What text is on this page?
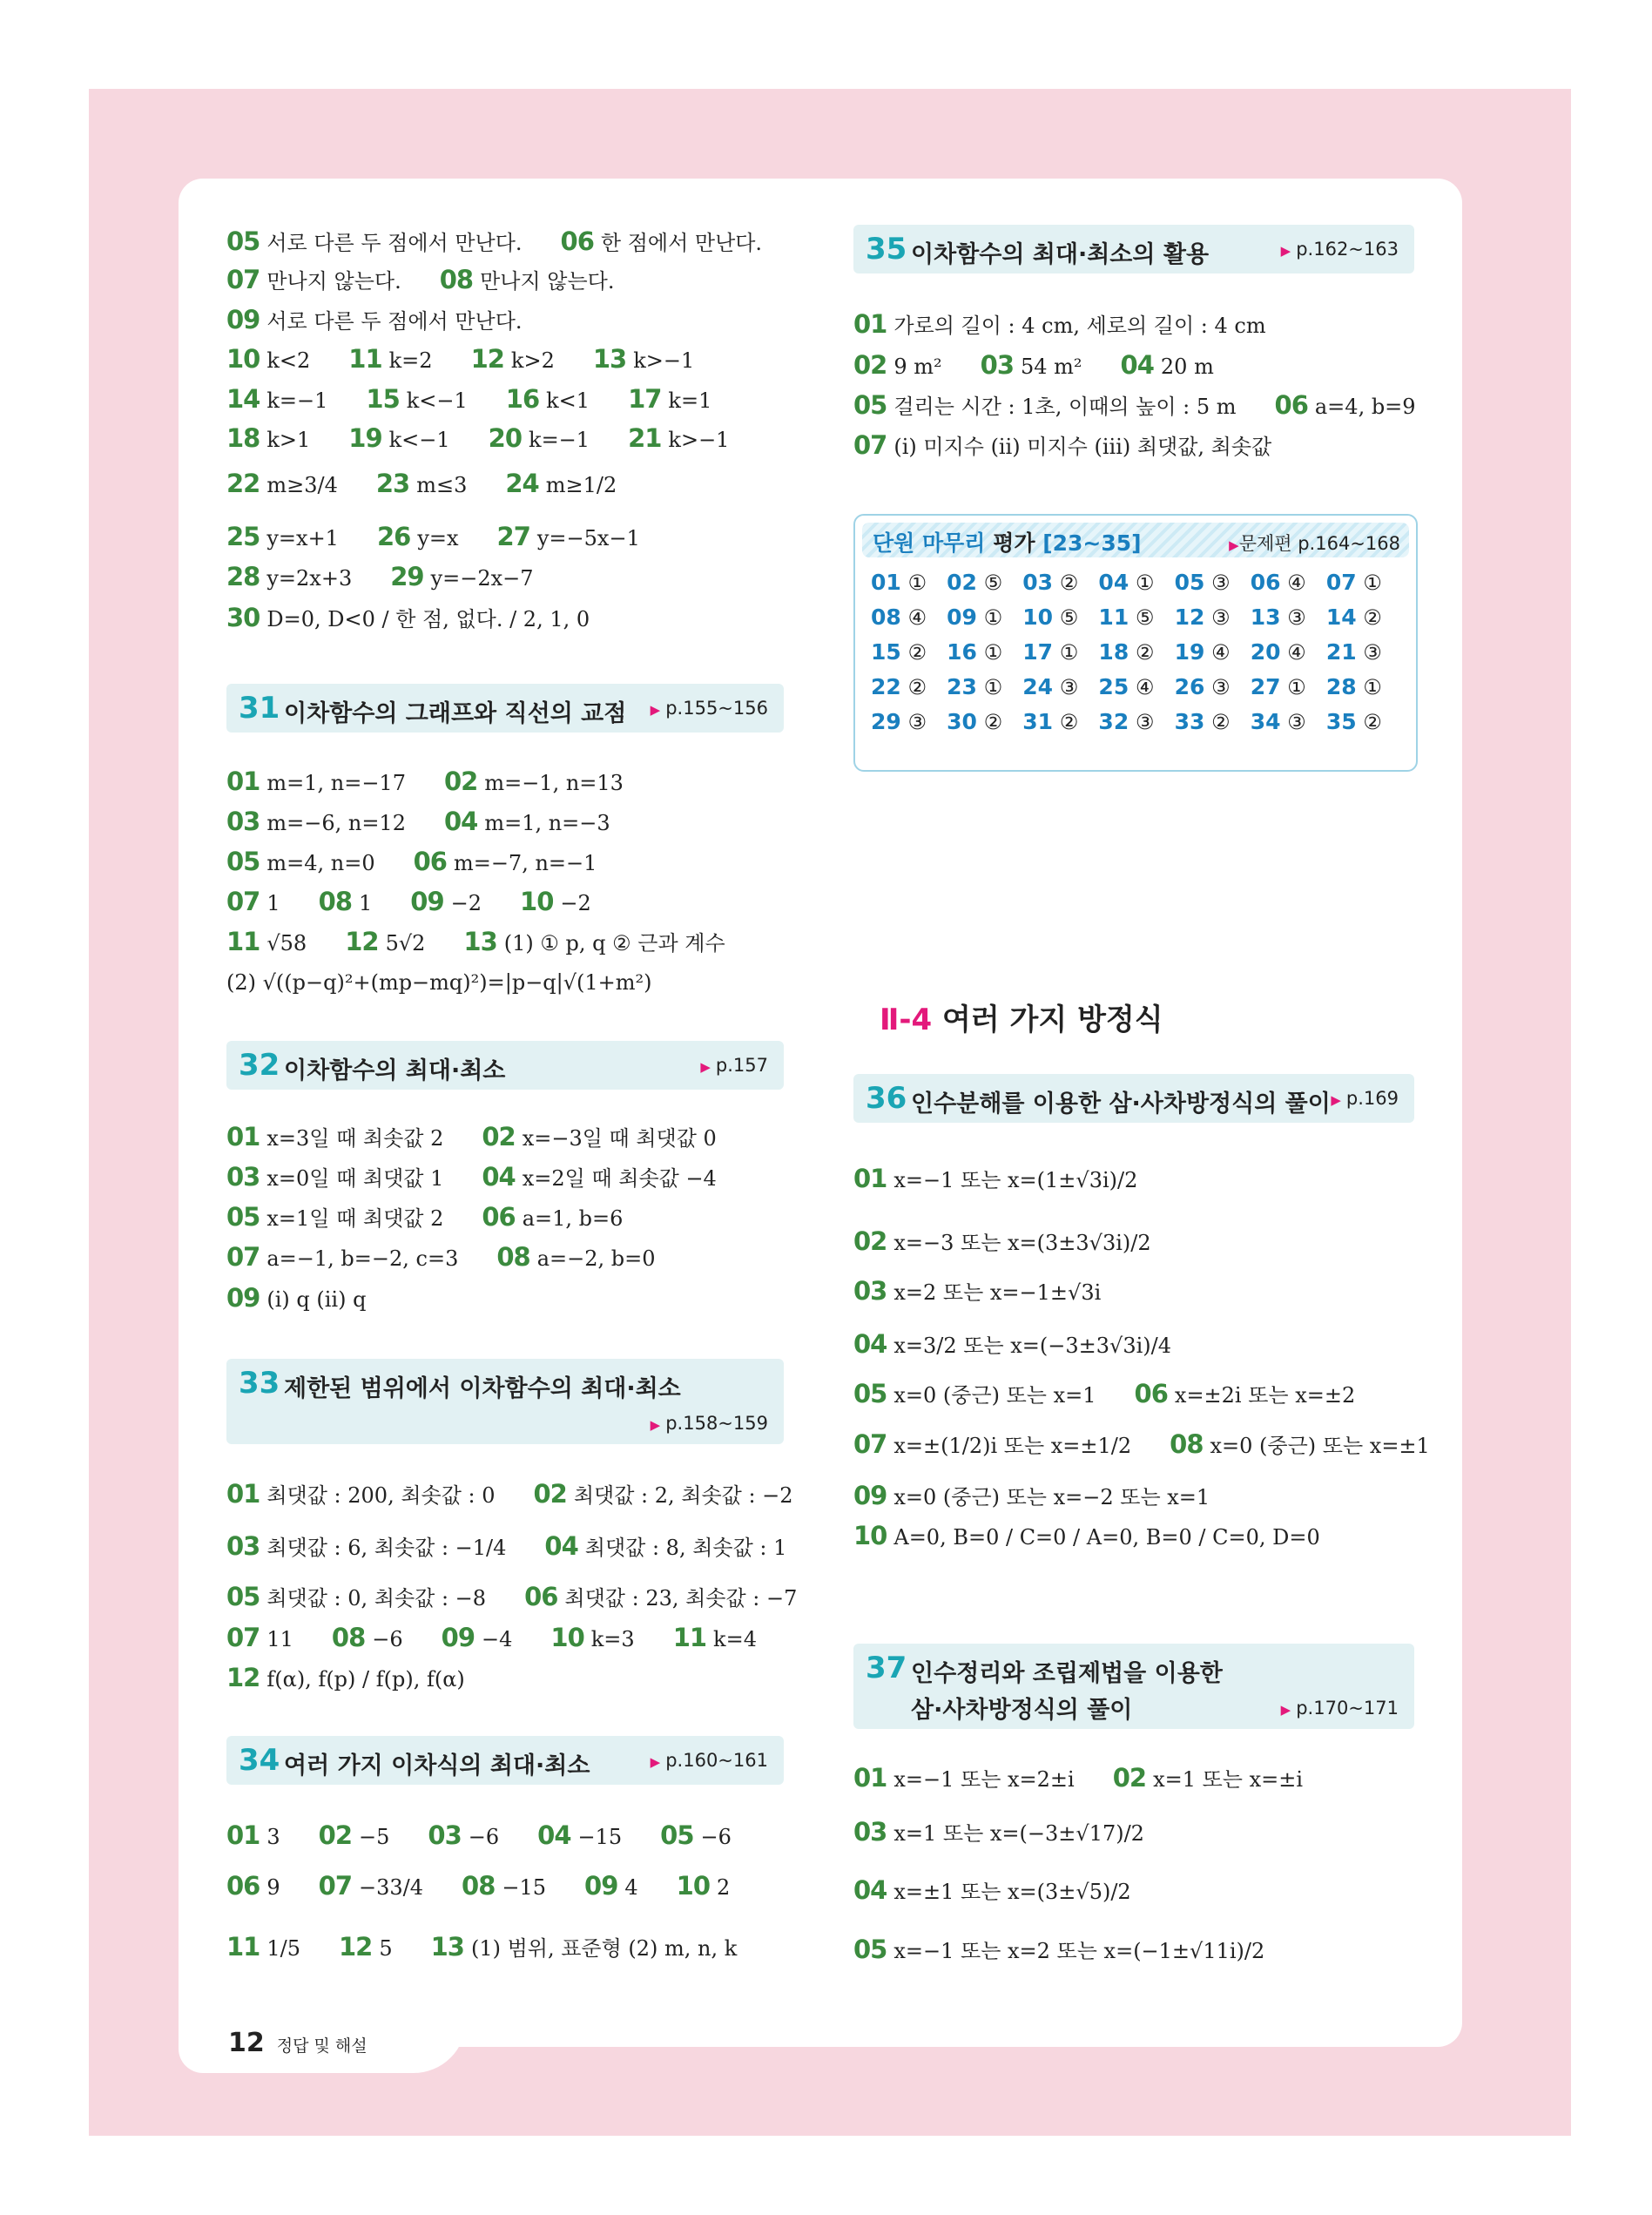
05 서로 다른 두 점에서 만난다. 06 한 점에서 만난다.
07 만나지 않는다. 08 만나지 않는다.
09 서로 다른 두 점에서 만난다.
10 k<2 11 k=2 12 k>2 13 k>−1
14 k=−1 15 k<−1 16 k<1 17 k=1
18 k>1 19 k<−1 20 k=−1 21 k>−1
22 m≥3/4 23 m≤3 24 m≥1/2
25 y=x+1 26 y=x 27 y=−5x−1
28 y=2x+3 29 y=−2x−7
30 D=0, D<0 / 한 점, 없다. / 2, 1, 0
31 이차함수의 그래프와 직선의 교점 ▶ p.155~156
01 m=1, n=−17 02 m=−1, n=13
03 m=−6, n=12 04 m=1, n=−3
05 m=4, n=0 06 m=−7, n=−1
07 1 08 1 09 −2 10 −2
11 √58 12 5√2 13 (1) ① p, q ② 근과 계수
(2) √((p−q)²+(mp−mq)²)=|p−q|√(1+m²)
32 이차함수의 최대·최소	▶ p.157
01 x=3일 때 최솟값 2 02 x=−3일 때 최댓값 0
03 x=0일 때 최댓값 1 04 x=2일 때 최솟값 −4
05 x=1일 때 최댓값 2 06 a=1, b=6
07 a=−1, b=−2, c=3 08 a=−2, b=0
09 (ⅰ) q (ⅱ) q
33 제한된 범위에서 이차함수의 최대·최소
▶ p.158~159
01 최댓값 : 200, 최솟값 : 0 02 최댓값 : 2, 최솟값 : −2
03 최댓값 : 6, 최솟값 : −1/4 04 최댓값 : 8, 최솟값 : 1
05 최댓값 : 0, 최솟값 : −8 06 최댓값 : 23, 최솟값 : −7
07 11 08 −6 09 −4 10 k=3 11 k=4
12 f(α), f(p) / f(p), f(α)
34 여러 가지 이차식의 최대·최소	▶ p.160~161
01 3 02 −5 03 −6 04 −15 05 −6
06 9 07 −33/4 08 −15 09 4 10 2
11 1/5 12 5 13 (1) 범위, 표준형 (2) m, n, k
35 이차함수의 최대·최소의 활용	▶ p.162~163
01 가로의 길이 : 4 cm, 세로의 길이 : 4 cm
02 9 m² 03 54 m² 04 20 m
05 걸리는 시간 : 1초, 이때의 높이 : 5 m 06 a=4, b=9
07 (ⅰ) 미지수 (ⅱ) 미지수 (ⅲ) 최댓값, 최솟값
단원 마무리 평가 [23~35]	▶문제편 p.164~168
01 ① 02 ⑤ 03 ② 04 ① 05 ③ 06 ④ 07 ①
08 ④ 09 ① 10 ⑤ 11 ⑤ 12 ③ 13 ③ 14 ②
15 ② 16 ① 17 ① 18 ② 19 ④ 20 ④ 21 ③
22 ② 23 ① 24 ③ 25 ④ 26 ③ 27 ① 28 ①
29 ③ 30 ② 31 ② 32 ③ 33 ② 34 ③ 35 ②
Ⅱ-4 여러 가지 방정식
36 인수분해를 이용한 삼·사차방정식의 풀이 ▶ p.169
01 x=−1 또는 x=(1±√3i)/2
02 x=−3 또는 x=(3±3√3i)/2
03 x=2 또는 x=−1±√3i
04 x=3/2 또는 x=(−3±3√3i)/4
05 x=0 (중근) 또는 x=1 06 x=±2i 또는 x=±2
07 x=±(1/2)i 또는 x=±1/2 08 x=0 (중근) 또는 x=±1
09 x=0 (중근) 또는 x=−2 또는 x=1
10 A=0, B=0 / C=0 / A=0, B=0 / C=0, D=0
37 인수정리와 조립제법을 이용한
삼·사차방정식의 풀이	▶ p.170~171
01 x=−1 또는 x=2±i 02 x=1 또는 x=±i
03 x=1 또는 x=(−3±√17)/2
04 x=±1 또는 x=(3±√5)/2
05 x=−1 또는 x=2 또는 x=(−1±√11i)/2
12 정답 및 해설
